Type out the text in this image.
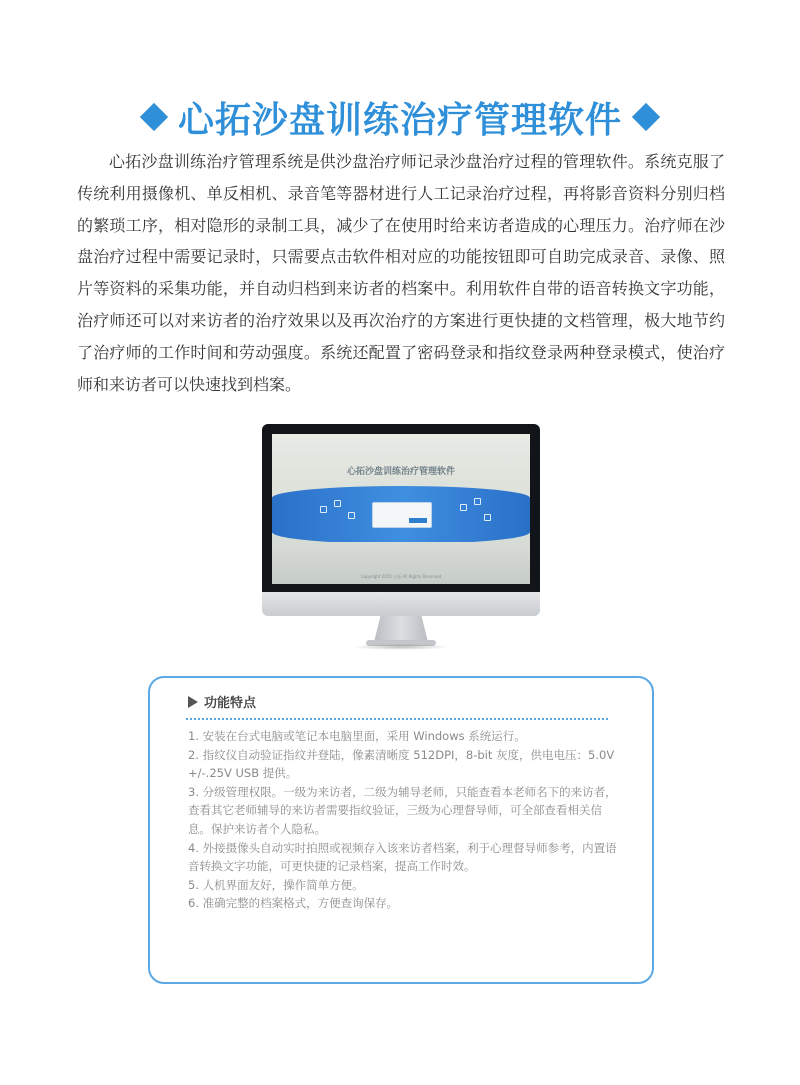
心拓沙盘训练治疗管理软件

心拓沙盘训练治疗管理系统是供沙盘治疗师记录沙盘治疗过程的管理软件。系统克服了传统利用摄像机、单反相机、录音笔等器材进行人工记录治疗过程，再将影音资料分别归档的繁琐工序，相对隐形的录制工具，减少了在使用时给来访者造成的心理压力。治疗师在沙盘治疗过程中需要记录时，只需要点击软件相对应的功能按钮即可自助完成录音、录像、照片等资料的采集功能，并自动归档到来访者的档案中。利用软件自带的语音转换文字功能，治疗师还可以对来访者的治疗效果以及再次治疗的方案进行更快捷的文档管理，极大地节约了治疗师的工作时间和劳动强度。系统还配置了密码登录和指纹登录两种登录模式，使治疗师和来访者可以快速找到档案。

心拓沙盘训练治疗管理软件
Copyright 2015 心拓 All Rights Reserved
功能特点
1. 安装在台式电脑或笔记本电脑里面，采用 Windows 系统运行。
2. 指纹仪自动验证指纹并登陆，像素清晰度 512DPI，8-bit 灰度，供电电压：5.0V +/-.25V USB 提供。
3. 分级管理权限。一级为来访者，二级为辅导老师，只能查看本老师名下的来访者，查看其它老师辅导的来访者需要指纹验证，三级为心理督导师，可全部查看相关信息。保护来访者个人隐私。
4. 外接摄像头自动实时拍照或视频存入该来访者档案，利于心理督导师参考，内置语音转换文字功能，可更快捷的记录档案，提高工作时效。
5. 人机界面友好，操作简单方便。
6. 准确完整的档案格式，方便查询保存。
